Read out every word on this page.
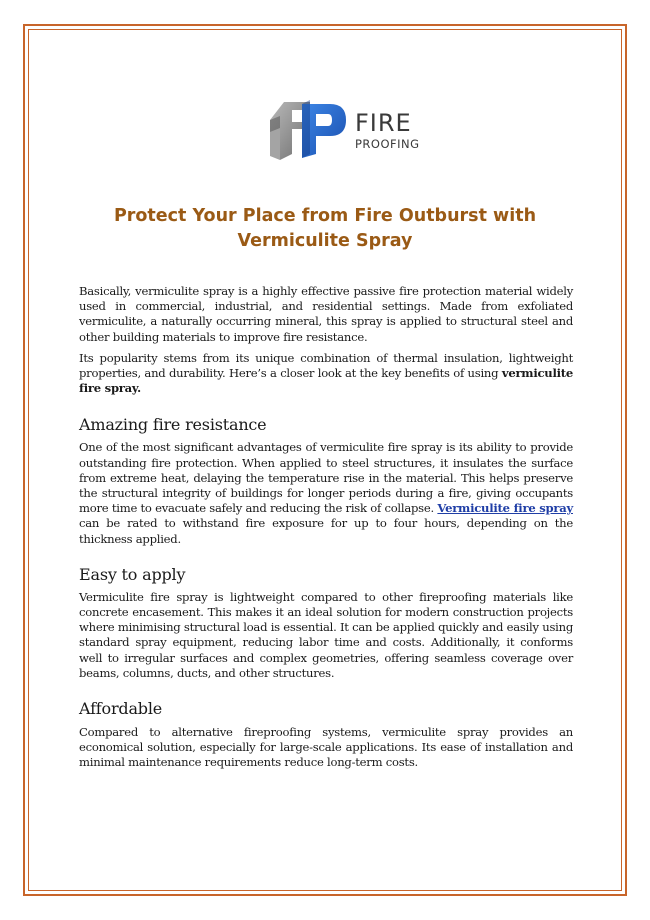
FIRE
PROOFING
Protect Your Place from Fire Outburst with Vermiculite Spray

Basically, vermiculite spray is a highly effective passive fire protection material widely used in commercial, industrial, and residential settings. Made from exfoliated vermiculite, a naturally occurring mineral, this spray is applied to structural steel and other building materials to improve fire resistance.

Its popularity stems from its unique combination of thermal insulation, lightweight properties, and durability. Here’s a closer look at the key benefits of using vermiculite fire spray.

Amazing fire resistance

One of the most significant advantages of vermiculite fire spray is its ability to provide outstanding fire protection. When applied to steel structures, it insulates the surface from extreme heat, delaying the temperature rise in the material. This helps preserve the structural integrity of buildings for longer periods during a fire, giving occupants more time to evacuate safely and reducing the risk of collapse. Vermiculite fire spray can be rated to withstand fire exposure for up to four hours, depending on the thickness applied.

Easy to apply

Vermiculite fire spray is lightweight compared to other fireproofing materials like concrete encasement. This makes it an ideal solution for modern construction projects where minimising structural load is essential. It can be applied quickly and easily using standard spray equipment, reducing labor time and costs. Additionally, it conforms well to irregular surfaces and complex geometries, offering seamless coverage over beams, columns, ducts, and other structures.

Affordable

Compared to alternative fireproofing systems, vermiculite spray provides an economical solution, especially for large-scale applications. Its ease of installation and minimal maintenance requirements reduce long-term costs.
